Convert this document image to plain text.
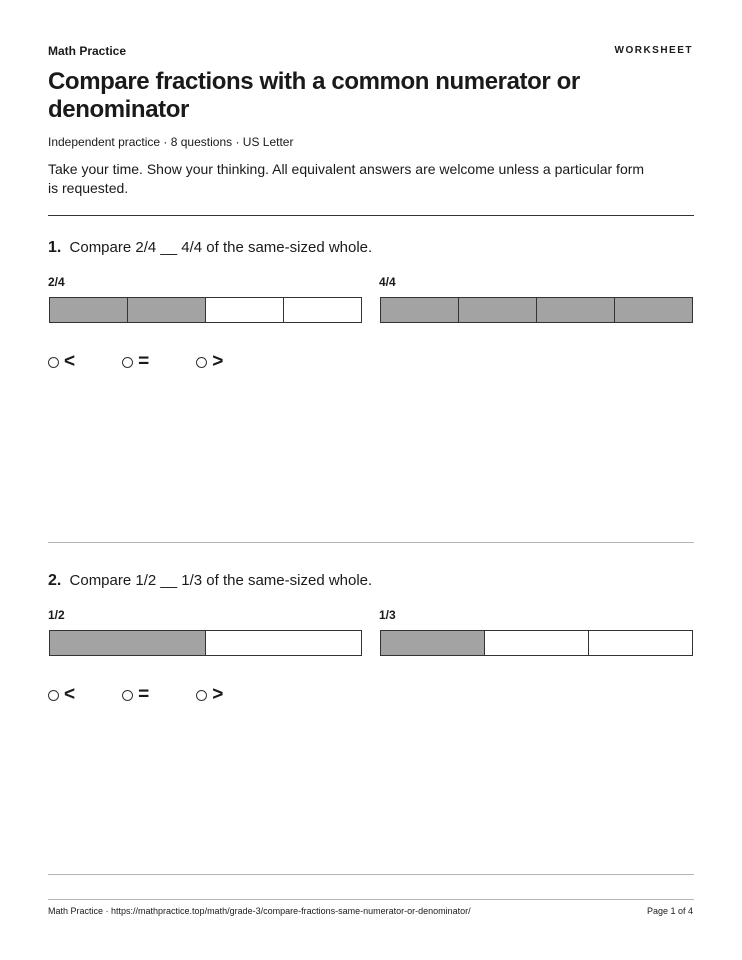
Math Practice	WORKSHEET
Compare fractions with a common numerator or denominator
Independent practice · 8 questions · US Letter
Take your time. Show your thinking. All equivalent answers are welcome unless a particular form is requested.
1. Compare 2/4 __ 4/4 of the same-sized whole.
2/4	4/4
<	=	>
2. Compare 1/2 __ 1/3 of the same-sized whole.
1/2	1/3
<	=	>
Math Practice · https://mathpractice.top/math/grade-3/compare-fractions-same-numerator-or-denominator/	Page 1 of 4
